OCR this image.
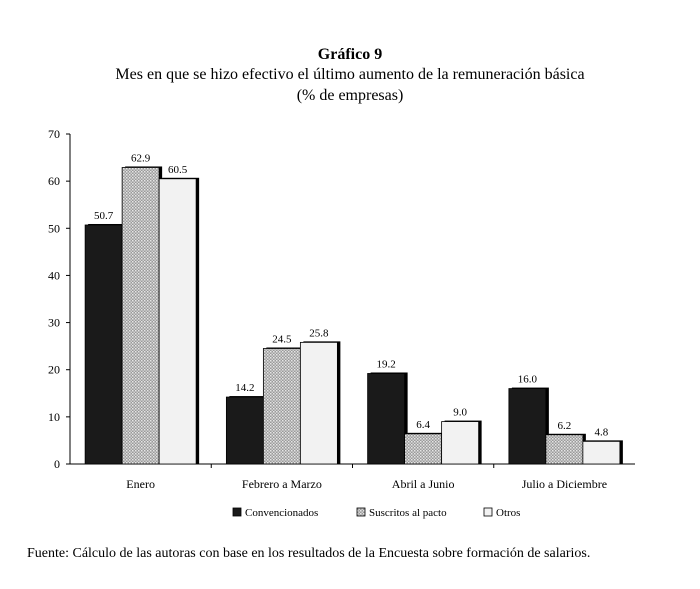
Gráfico 9
Mes en que se hizo efectivo el último aumento de la remuneración básica
(% de empresas)
0
10
20
30
40
50
60
70
Enero	Febrero a Marzo	Abril a Junio	Julio a Diciembre
50.7
62.9
60.5
14.2
24.5
25.8
19.2
6.4
9.0
16.0
6.2
4.8
Convencionados	Suscritos al pacto	Otros
Fuente: Cálculo de las autoras con base en los resultados de la Encuesta sobre formación de salarios.
